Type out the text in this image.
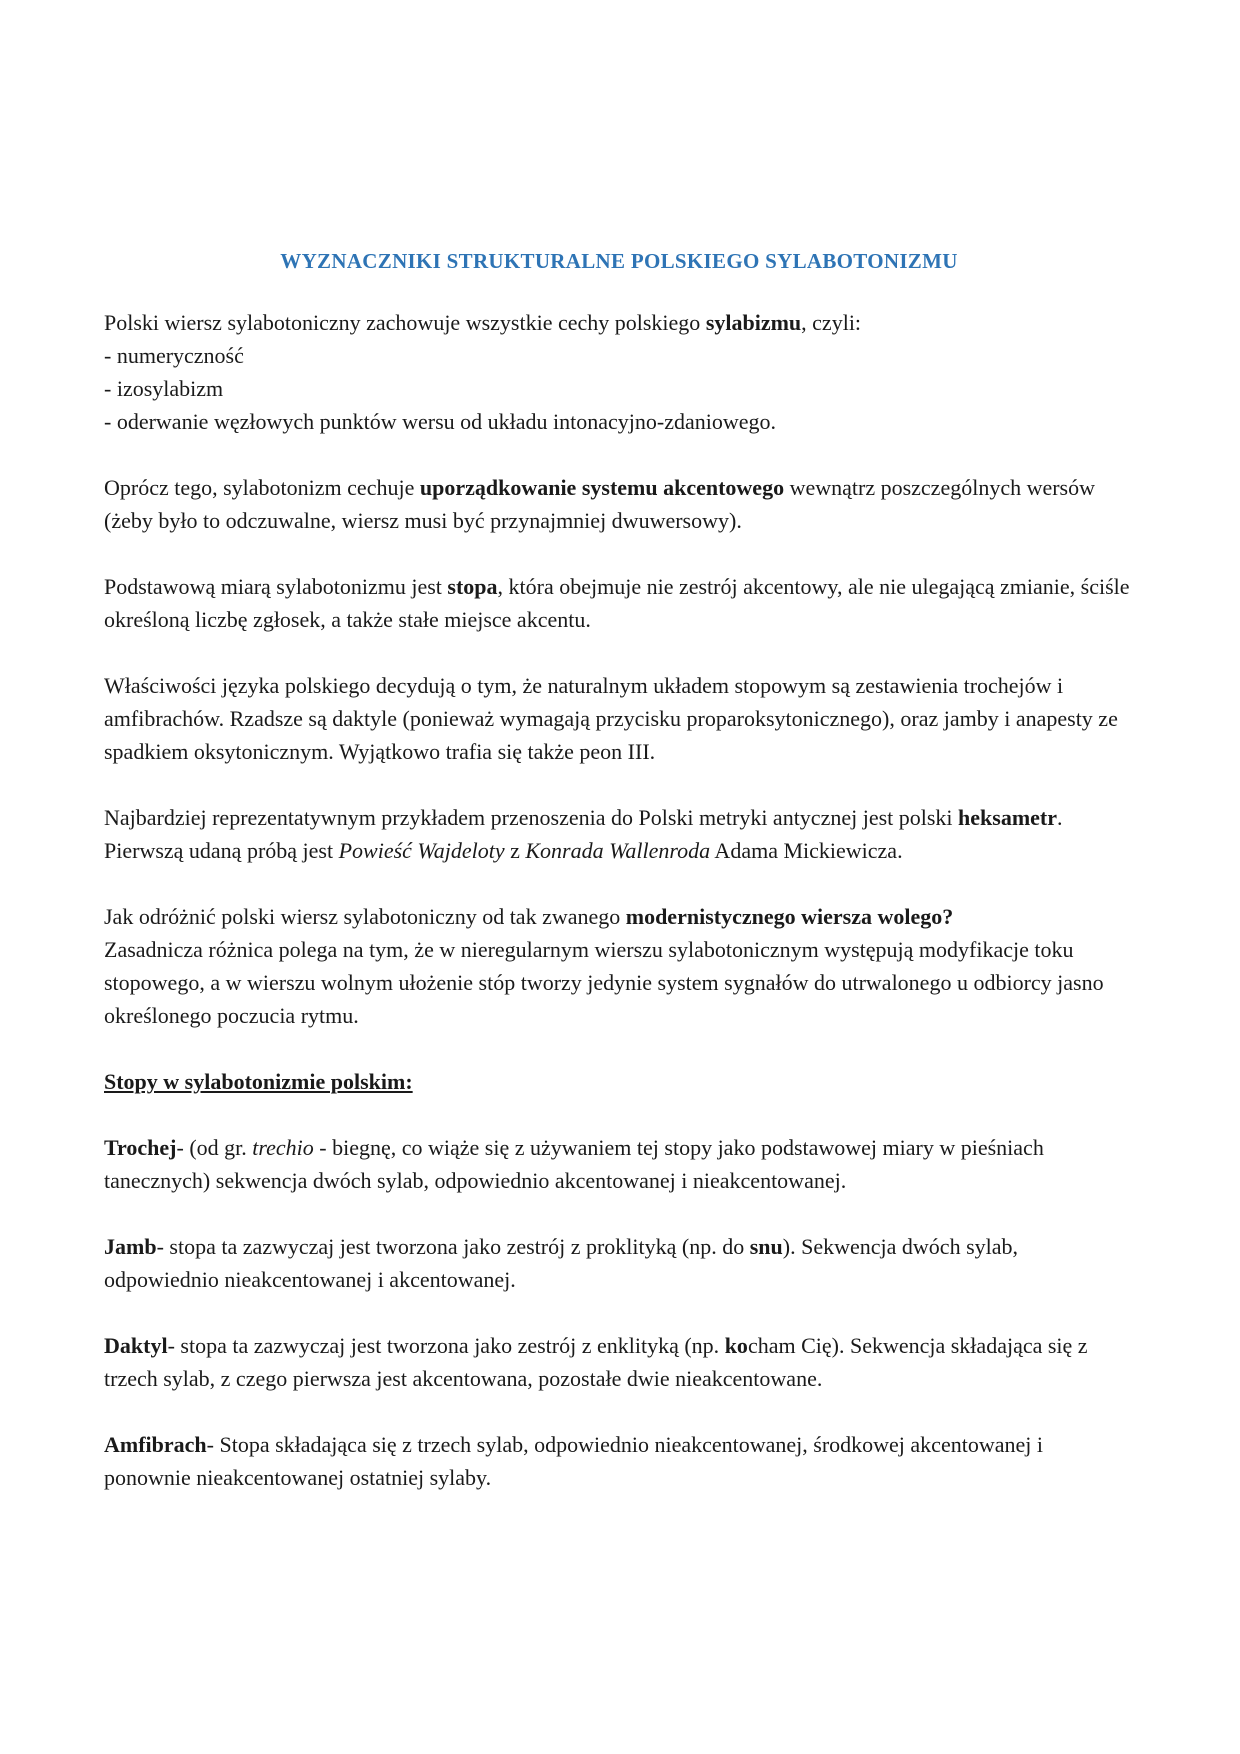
WYZNACZNIKI STRUKTURALNE POLSKIEGO SYLABOTONIZMU

Polski wiersz sylabotoniczny zachowuje wszystkie cechy polskiego sylabizmu, czyli:
- numeryczność
- izosylabizm
- oderwanie węzłowych punktów wersu od układu intonacyjno-zdaniowego.

Oprócz tego, sylabotonizm cechuje uporządkowanie systemu akcentowego wewnątrz poszczególnych wersów (żeby było to odczuwalne, wiersz musi być przynajmniej dwuwersowy).

Podstawową miarą sylabotonizmu jest stopa, która obejmuje nie zestrój akcentowy, ale nie ulegającą zmianie, ściśle określoną liczbę zgłosek, a także stałe miejsce akcentu.

Właściwości języka polskiego decydują o tym, że naturalnym układem stopowym są zestawienia trochejów i amfibrachów. Rzadsze są daktyle (ponieważ wymagają przycisku proparoksytonicznego), oraz jamby i anapesty ze spadkiem oksytonicznym. Wyjątkowo trafia się także peon III.

Najbardziej reprezentatywnym przykładem przenoszenia do Polski metryki antycznej jest polski heksametr. Pierwszą udaną próbą jest Powieść Wajdeloty z Konrada Wallenroda Adama Mickiewicza.

Jak odróżnić polski wiersz sylabotoniczny od tak zwanego modernistycznego wiersza wolego?
Zasadnicza różnica polega na tym, że w nieregularnym wierszu sylabotonicznym występują modyfikacje toku stopowego, a w wierszu wolnym ułożenie stóp tworzy jedynie system sygnałów do utrwalonego u odbiorcy jasno określonego poczucia rytmu.

Stopy w sylabotonizmie polskim:

Trochej- (od gr. trechio - biegnę, co wiąże się z używaniem tej stopy jako podstawowej miary w pieśniach tanecznych) sekwencja dwóch sylab, odpowiednio akcentowanej i nieakcentowanej.

Jamb- stopa ta zazwyczaj jest tworzona jako zestrój z proklityką (np. do snu). Sekwencja dwóch sylab, odpowiednio nieakcentowanej i akcentowanej.

Daktyl- stopa ta zazwyczaj jest tworzona jako zestrój z enklityką (np. kocham Cię). Sekwencja składająca się z trzech sylab, z czego pierwsza jest akcentowana, pozostałe dwie nieakcentowane.

Amfibrach- Stopa składająca się z trzech sylab, odpowiednio nieakcentowanej, środkowej akcentowanej i ponownie nieakcentowanej ostatniej sylaby.
